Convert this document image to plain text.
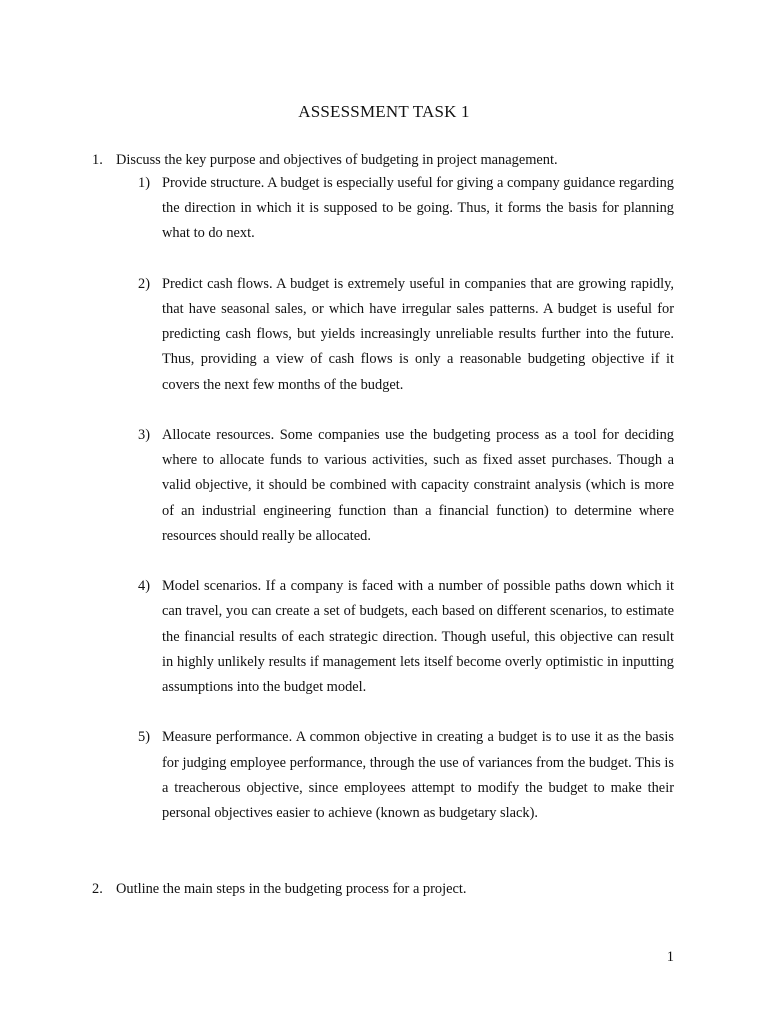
ASSESSMENT TASK 1
1. Discuss the key purpose and objectives of budgeting in project management.
1) Provide structure. A budget is especially useful for giving a company guidance regarding the direction in which it is supposed to be going. Thus, it forms the basis for planning what to do next.
2) Predict cash flows. A budget is extremely useful in companies that are growing rapidly, that have seasonal sales, or which have irregular sales patterns. A budget is useful for predicting cash flows, but yields increasingly unreliable results further into the future. Thus, providing a view of cash flows is only a reasonable budgeting objective if it covers the next few months of the budget.
3) Allocate resources. Some companies use the budgeting process as a tool for deciding where to allocate funds to various activities, such as fixed asset purchases. Though a valid objective, it should be combined with capacity constraint analysis (which is more of an industrial engineering function than a financial function) to determine where resources should really be allocated.
4) Model scenarios. If a company is faced with a number of possible paths down which it can travel, you can create a set of budgets, each based on different scenarios, to estimate the financial results of each strategic direction. Though useful, this objective can result in highly unlikely results if management lets itself become overly optimistic in inputting assumptions into the budget model.
5) Measure performance. A common objective in creating a budget is to use it as the basis for judging employee performance, through the use of variances from the budget. This is a treacherous objective, since employees attempt to modify the budget to make their personal objectives easier to achieve (known as budgetary slack).
2. Outline the main steps in the budgeting process for a project.
1
